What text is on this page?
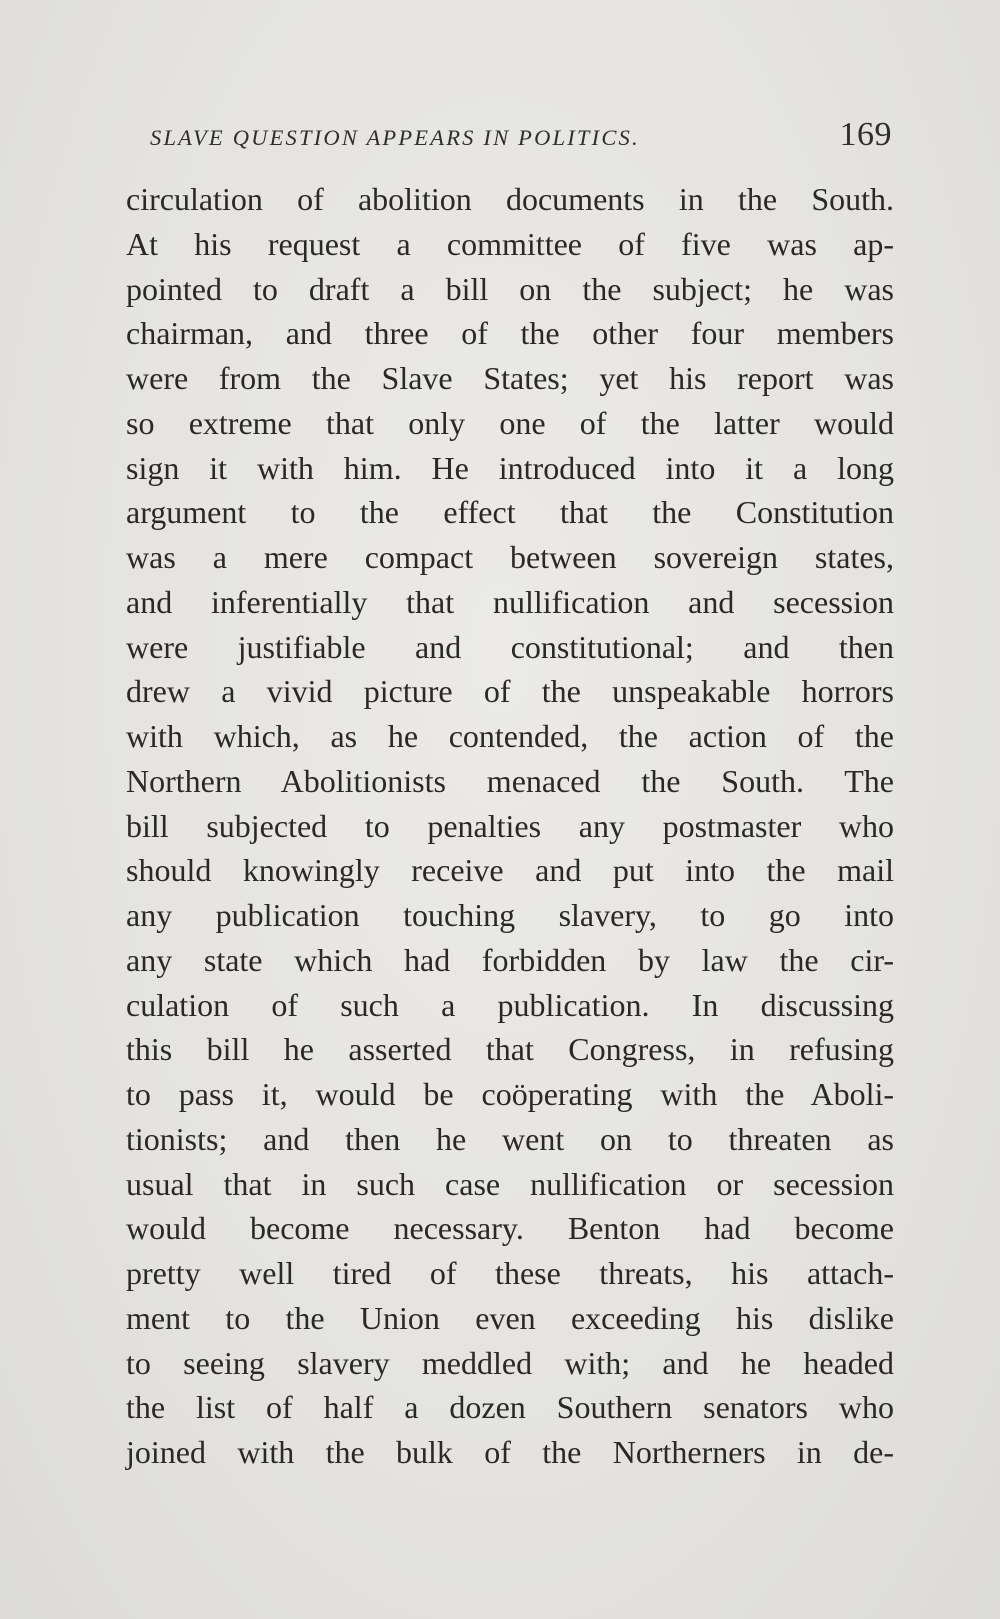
SLAVE QUESTION APPEARS IN POLITICS.	169
circulation of abolition documents in the South.
At his request a committee of five was ap-
pointed to draft a bill on the subject; he was
chairman, and three of the other four members
were from the Slave States; yet his report was
so extreme that only one of the latter would
sign it with him. He introduced into it a long
argument to the effect that the Constitution
was a mere compact between sovereign states,
and inferentially that nullification and secession
were justifiable and constitutional; and then
drew a vivid picture of the unspeakable horrors
with which, as he contended, the action of the
Northern Abolitionists menaced the South. The
bill subjected to penalties any postmaster who
should knowingly receive and put into the mail
any publication touching slavery, to go into
any state which had forbidden by law the cir-
culation of such a publication. In discussing
this bill he asserted that Congress, in refusing
to pass it, would be coöperating with the Aboli-
tionists; and then he went on to threaten as
usual that in such case nullification or secession
would become necessary. Benton had become
pretty well tired of these threats, his attach-
ment to the Union even exceeding his dislike
to seeing slavery meddled with; and he headed
the list of half a dozen Southern senators who
joined with the bulk of the Northerners in de-
